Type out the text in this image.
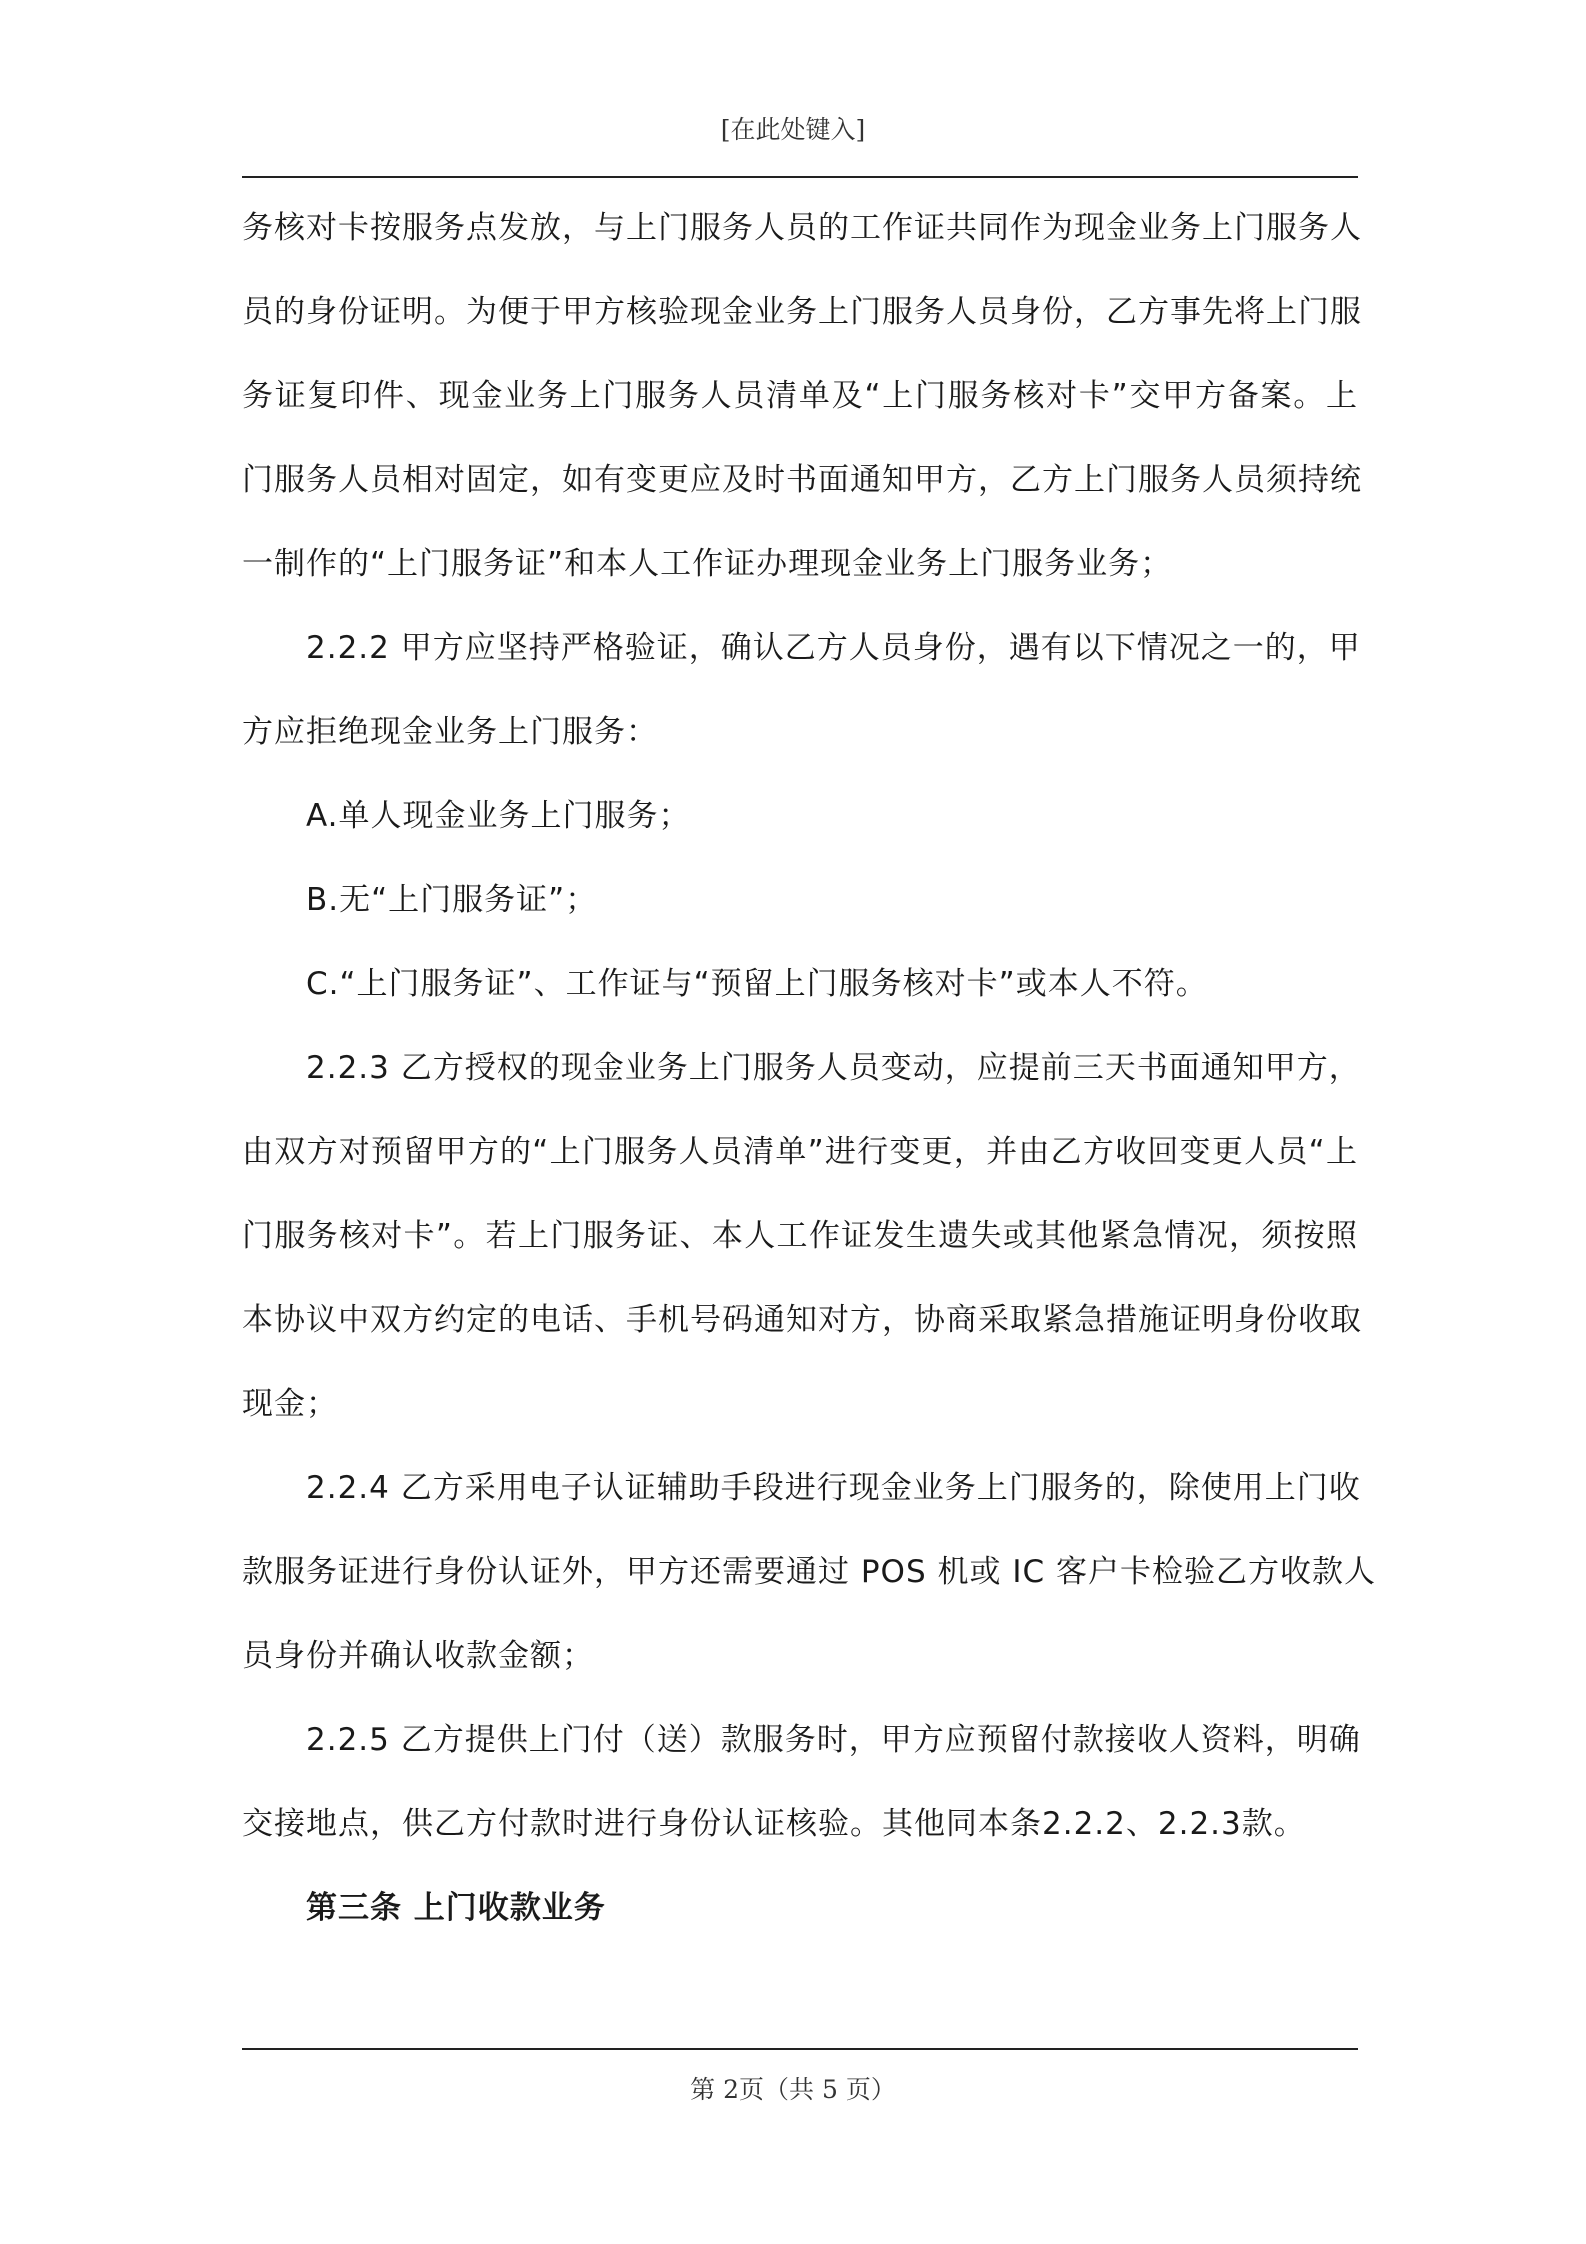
[在此处键入]
务核对卡按服务点发放，与上门服务人员的工作证共同作为现金业务上门服务人
员的身份证明。为便于甲方核验现金业务上门服务人员身份，乙方事先将上门服
务证复印件、现金业务上门服务人员清单及“上门服务核对卡”交甲方备案。上
门服务人员相对固定，如有变更应及时书面通知甲方，乙方上门服务人员须持统
一制作的“上门服务证”和本人工作证办理现金业务上门服务业务；
2.2.2 甲方应坚持严格验证，确认乙方人员身份，遇有以下情况之一的，甲
方应拒绝现金业务上门服务：
A.单人现金业务上门服务；
B.无“上门服务证”；
C.“上门服务证”、工作证与“预留上门服务核对卡”或本人不符。
2.2.3 乙方授权的现金业务上门服务人员变动，应提前三天书面通知甲方，
由双方对预留甲方的“上门服务人员清单”进行变更，并由乙方收回变更人员“上
门服务核对卡”。若上门服务证、本人工作证发生遗失或其他紧急情况，须按照
本协议中双方约定的电话、手机号码通知对方，协商采取紧急措施证明身份收取
现金；
2.2.4 乙方采用电子认证辅助手段进行现金业务上门服务的，除使用上门收
款服务证进行身份认证外，甲方还需要通过 POS 机或 IC 客户卡检验乙方收款人
员身份并确认收款金额；
2.2.5 乙方提供上门付（送）款服务时，甲方应预留付款接收人资料，明确
交接地点，供乙方付款时进行身份认证核验。其他同本条2.2.2、2.2.3款。
第三条 上门收款业务
第 2页（共 5 页）
